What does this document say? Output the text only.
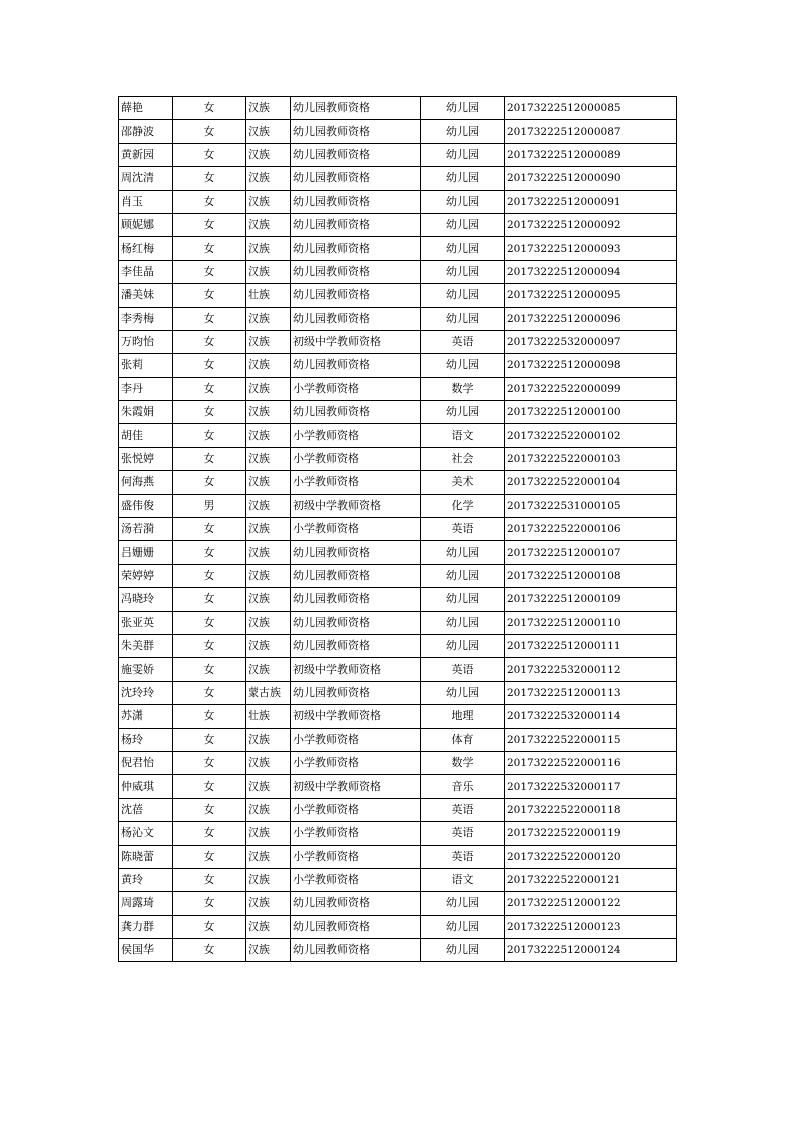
薛艳	女	汉族	幼儿园教师资格	幼儿园	20173222512000085
邵静波	女	汉族	幼儿园教师资格	幼儿园	20173222512000087
黄新园	女	汉族	幼儿园教师资格	幼儿园	20173222512000089
周沈清	女	汉族	幼儿园教师资格	幼儿园	20173222512000090
肖玉	女	汉族	幼儿园教师资格	幼儿园	20173222512000091
顾妮娜	女	汉族	幼儿园教师资格	幼儿园	20173222512000092
杨红梅	女	汉族	幼儿园教师资格	幼儿园	20173222512000093
李佳晶	女	汉族	幼儿园教师资格	幼儿园	20173222512000094
潘美妹	女	壮族	幼儿园教师资格	幼儿园	20173222512000095
李秀梅	女	汉族	幼儿园教师资格	幼儿园	20173222512000096
万昀怡	女	汉族	初级中学教师资格	英语	20173222532000097
张莉	女	汉族	幼儿园教师资格	幼儿园	20173222512000098
李丹	女	汉族	小学教师资格	数学	20173222522000099
朱霞娟	女	汉族	幼儿园教师资格	幼儿园	20173222512000100
胡佳	女	汉族	小学教师资格	语文	20173222522000102
张悦婷	女	汉族	小学教师资格	社会	20173222522000103
何海燕	女	汉族	小学教师资格	美术	20173222522000104
盛伟俊	男	汉族	初级中学教师资格	化学	20173222531000105
汤若漪	女	汉族	小学教师资格	英语	20173222522000106
吕姗姗	女	汉族	幼儿园教师资格	幼儿园	20173222512000107
荣婷婷	女	汉族	幼儿园教师资格	幼儿园	20173222512000108
冯晓玲	女	汉族	幼儿园教师资格	幼儿园	20173222512000109
张亚英	女	汉族	幼儿园教师资格	幼儿园	20173222512000110
朱美群	女	汉族	幼儿园教师资格	幼儿园	20173222512000111
施雯娇	女	汉族	初级中学教师资格	英语	20173222532000112
沈玲玲	女	蒙古族	幼儿园教师资格	幼儿园	20173222512000113
苏潇	女	壮族	初级中学教师资格	地理	20173222532000114
杨玲	女	汉族	小学教师资格	体育	20173222522000115
倪君怡	女	汉族	小学教师资格	数学	20173222522000116
仲威琪	女	汉族	初级中学教师资格	音乐	20173222532000117
沈蓓	女	汉族	小学教师资格	英语	20173222522000118
杨沁文	女	汉族	小学教师资格	英语	20173222522000119
陈晓蕾	女	汉族	小学教师资格	英语	20173222522000120
黄玲	女	汉族	小学教师资格	语文	20173222522000121
周露琦	女	汉族	幼儿园教师资格	幼儿园	20173222512000122
龚力群	女	汉族	幼儿园教师资格	幼儿园	20173222512000123
侯国华	女	汉族	幼儿园教师资格	幼儿园	20173222512000124
